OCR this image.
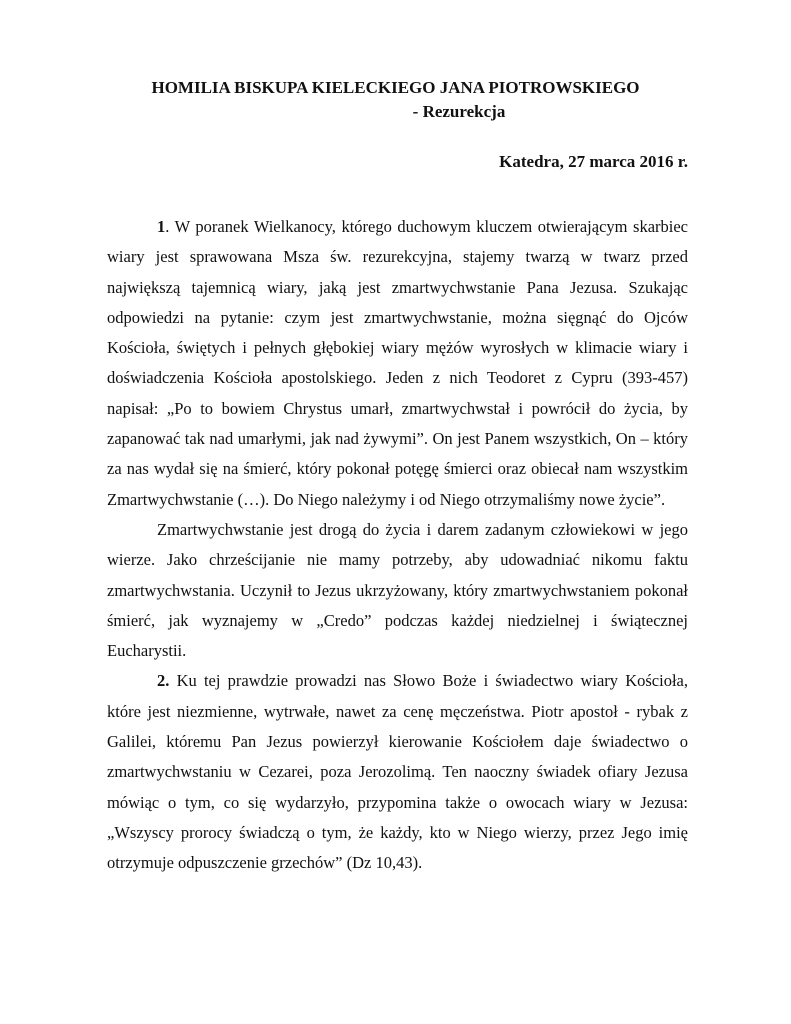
HOMILIA BISKUPA KIELECKIEGO JANA PIOTROWSKIEGO

- Rezurekcja

Katedra, 27 marca 2016 r.

1. W poranek Wielkanocy, którego duchowym kluczem otwierającym skarbiec wiary jest sprawowana Msza św. rezurekcyjna, stajemy twarzą w twarz przed największą tajemnicą wiary, jaką jest zmartwychwstanie Pana Jezusa. Szukając odpowiedzi na pytanie: czym jest zmartwychwstanie, można sięgnąć do Ojców Kościoła, świętych i pełnych głębokiej wiary mężów wyrosłych w klimacie wiary i doświadczenia Kościoła apostolskiego. Jeden z nich Teodoret z Cypru (393-457) napisał: „Po to bowiem Chrystus umarł, zmartwychwstał i powrócił do życia, by zapanować tak nad umarłymi, jak nad żywymi”. On jest Panem wszystkich, On – który za nas wydał się na śmierć, który pokonał potęgę śmierci oraz obiecał nam wszystkim Zmartwychwstanie (…). Do Niego należymy i od Niego otrzymaliśmy nowe życie”.

Zmartwychwstanie jest drogą do życia i darem zadanym człowiekowi w jego wierze. Jako chrześcijanie nie mamy potrzeby, aby udowadniać nikomu faktu zmartwychwstania. Uczynił to Jezus ukrzyżowany, który zmartwychwstaniem pokonał śmierć, jak wyznajemy w „Credo” podczas każdej niedzielnej i świątecznej Eucharystii.

2. Ku tej prawdzie prowadzi nas Słowo Boże i świadectwo wiary Kościoła, które jest niezmienne, wytrwałe, nawet za cenę męczeństwa. Piotr apostoł - rybak z Galilei, któremu Pan Jezus powierzył kierowanie Kościołem daje świadectwo o zmartwychwstaniu w Cezarei, poza Jerozolimą. Ten naoczny świadek ofiary Jezusa mówiąc o tym, co się wydarzyło, przypomina także o owocach wiary w Jezusa: „Wszyscy prorocy świadczą o tym, że każdy, kto w Niego wierzy, przez Jego imię otrzymuje odpuszczenie grzechów” (Dz 10,43).
